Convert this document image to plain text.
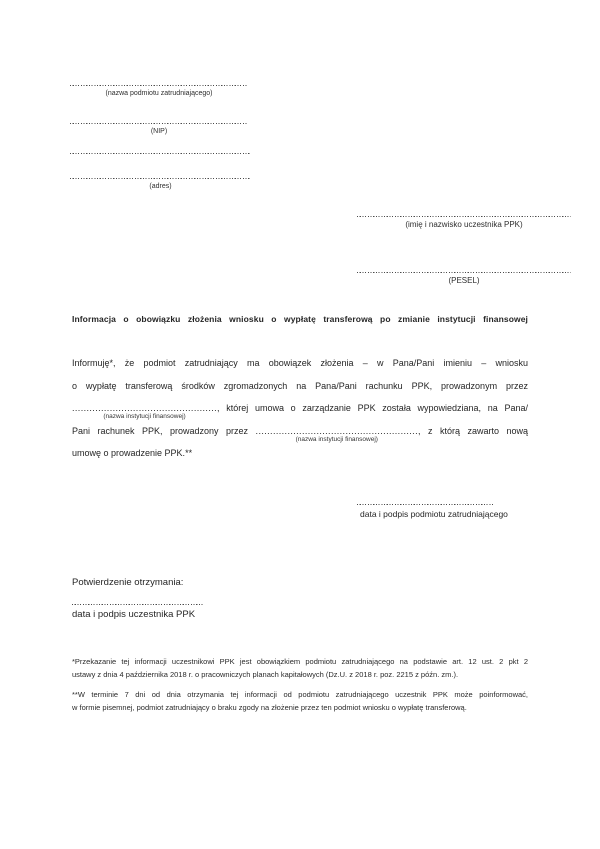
(nazwa podmiotu zatrudniającego)
(NIP)
(adres)
(imię i nazwisko uczestnika PPK)
(PESEL)
Informacja o obowiązku złożenia wniosku o wypłatę transferową po zmianie instytucji finansowej
Informuję*, że podmiot zatrudniający ma obowiązek złożenia – w Pana/Pani imieniu – wniosku
o wypłatę transferową środków zgromadzonych na Pana/Pani rachunku PPK, prowadzonym przez
..................................................
(nazwa instytucji finansowej)
, której umowa o zarządzanie PPK została wypowiedziana, na Pana/
Pani rachunek PPK, prowadzony przez ........................................................
(nazwa instytucji finansowej)
, z którą zawarto nową
umowę o prowadzenie PPK.**
data i podpis podmiotu zatrudniającego
Potwierdzenie otrzymania:
data i podpis uczestnika PPK
*Przekazanie tej informacji uczestnikowi PPK jest obowiązkiem podmiotu zatrudniającego na podstawie art. 12 ust. 2 pkt 2
ustawy z dnia 4 października 2018 r. o pracowniczych planach kapitałowych (Dz.U. z 2018 r. poz. 2215 z późn. zm.).
**W terminie 7 dni od dnia otrzymania tej informacji od podmiotu zatrudniającego uczestnik PPK może poinformować,
w formie pisemnej, podmiot zatrudniający o braku zgody na złożenie przez ten podmiot wniosku o wypłatę transferową.
